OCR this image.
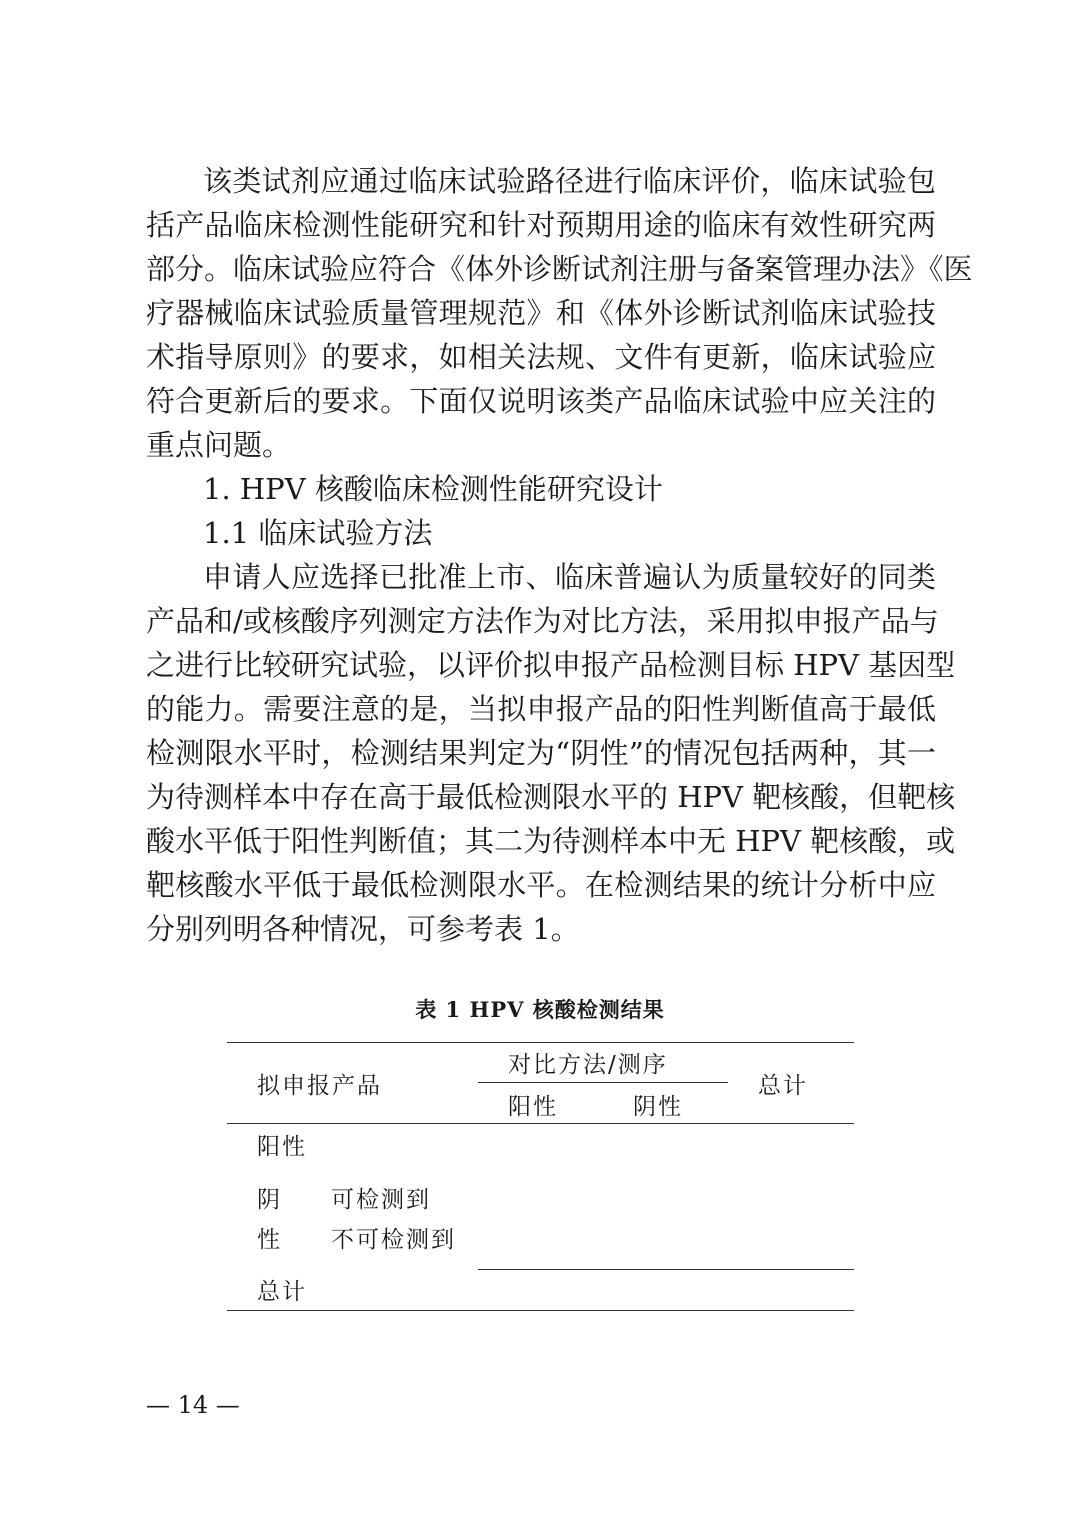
该类试剂应通过临床试验路径进行临床评价，临床试验包
括产品临床检测性能研究和针对预期用途的临床有效性研究两
部分。临床试验应符合《体外诊断试剂注册与备案管理办法》《医
疗器械临床试验质量管理规范》和《体外诊断试剂临床试验技
术指导原则》的要求，如相关法规、文件有更新，临床试验应
符合更新后的要求。下面仅说明该类产品临床试验中应关注的
重点问题。
1. HPV 核酸临床检测性能研究设计
1.1 临床试验方法
申请人应选择已批准上市、临床普遍认为质量较好的同类
产品和/或核酸序列测定方法作为对比方法，采用拟申报产品与
之进行比较研究试验，以评价拟申报产品检测目标 HPV 基因型
的能力。需要注意的是，当拟申报产品的阳性判断值高于最低
检测限水平时，检测结果判定为“阴性”的情况包括两种，其一
为待测样本中存在高于最低检测限水平的 HPV 靶核酸，但靶核
酸水平低于阳性判断值；其二为待测样本中无 HPV 靶核酸，或
靶核酸水平低于最低检测限水平。在检测结果的统计分析中应
分别列明各种情况，可参考表 1。
表 1 HPV 核酸检测结果
拟申报产品
对比方法/测序
阳性	阴性
总计
阳性
阴
性
可检测到
不可检测到
总计
— 14 —
